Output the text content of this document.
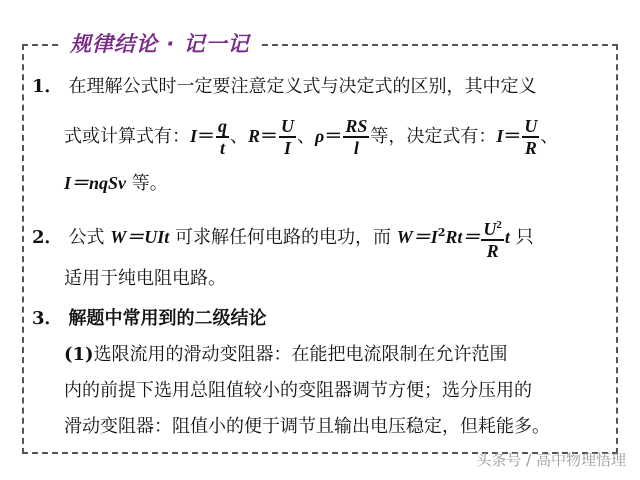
规律结论 · 记一记
1． 在理解公式时一定要注意定义式与决定式的区别，其中定义
式或计算式有：$I= \frac{q}{t}$ 、$R= \frac{U}{I}$ 、$\rho= \frac{RS}{l}$ 等，决定式有：$I= \frac{U}{R}$ 、
I＝nqSv 等。
2． 公式 W＝UIt 可求解任何电路的电功，而 $W=I^2Rt= \frac{U^2}{R}$ t 只
适用于纯电阻电路。
3． 解题中常用到的二级结论
(1)选限流用的滑动变阻器：在能把电流限制在允许范围
内的前提下选用总阻值较小的变阻器调节方便；选分压用的
滑动变阻器：阻值小的便于调节且输出电压稳定，但耗能多。
头条号 / 高中物理悟理
